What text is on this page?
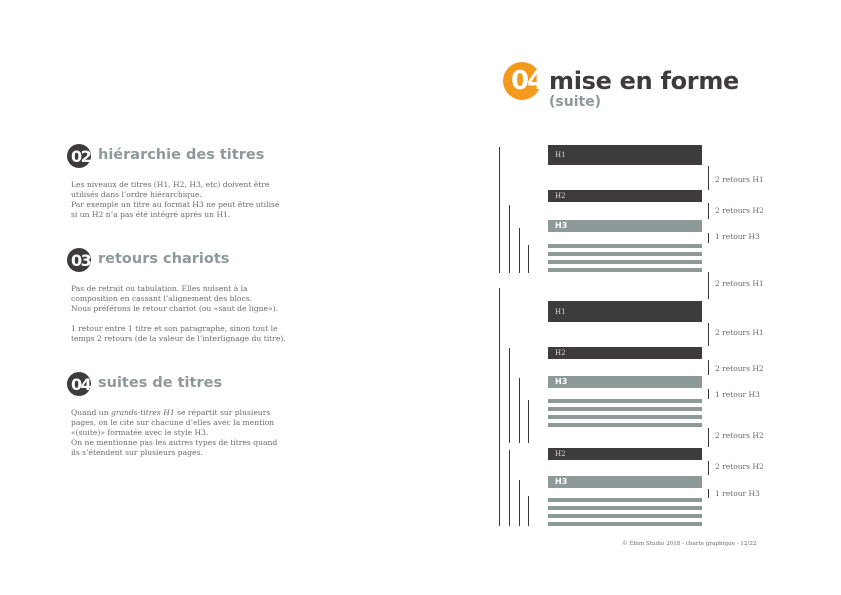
04 mise en forme
(suite)
02 hiérarchie des titres

Les niveaux de titres (H1, H2, H3, etc) doivent être

utilisés dans l’ordre hiérarchique.

Par exemple un titre au format H3 ne peut être utilisé

si un H2 n’a pas été intégré après un H1.

03 retours chariots

Pas de retrait ou tabulation. Elles nuisent à la

composition en cassant l’alignement des blocs.

Nous préférons le retour chariot (ou «saut de ligne»).

1 retour entre 1 titre et son paragraphe, sinon tout le

temps 2 retours (de la valeur de l’interlignage du titre).

04 suites de titres

Quand un grands-titres H1 se répartit sur plusieurs

pages, on le cite sur chacune d’elles avec la mention

«(suite)» formatée avec le style H3.

On ne mentionne pas les autres types de titres quand

ils s’étendent sur plusieurs pages.

H1
H2
H3
H1
H2
H3
H2
H3
2 retours H1
2 retours H2
1 retour H3
2 retours H1
2 retours H1
2 retours H2
1 retour H3
2 retours H2
2 retours H2
1 retour H3
© Ebim Studio 2018 - charte graphique - 12/22
